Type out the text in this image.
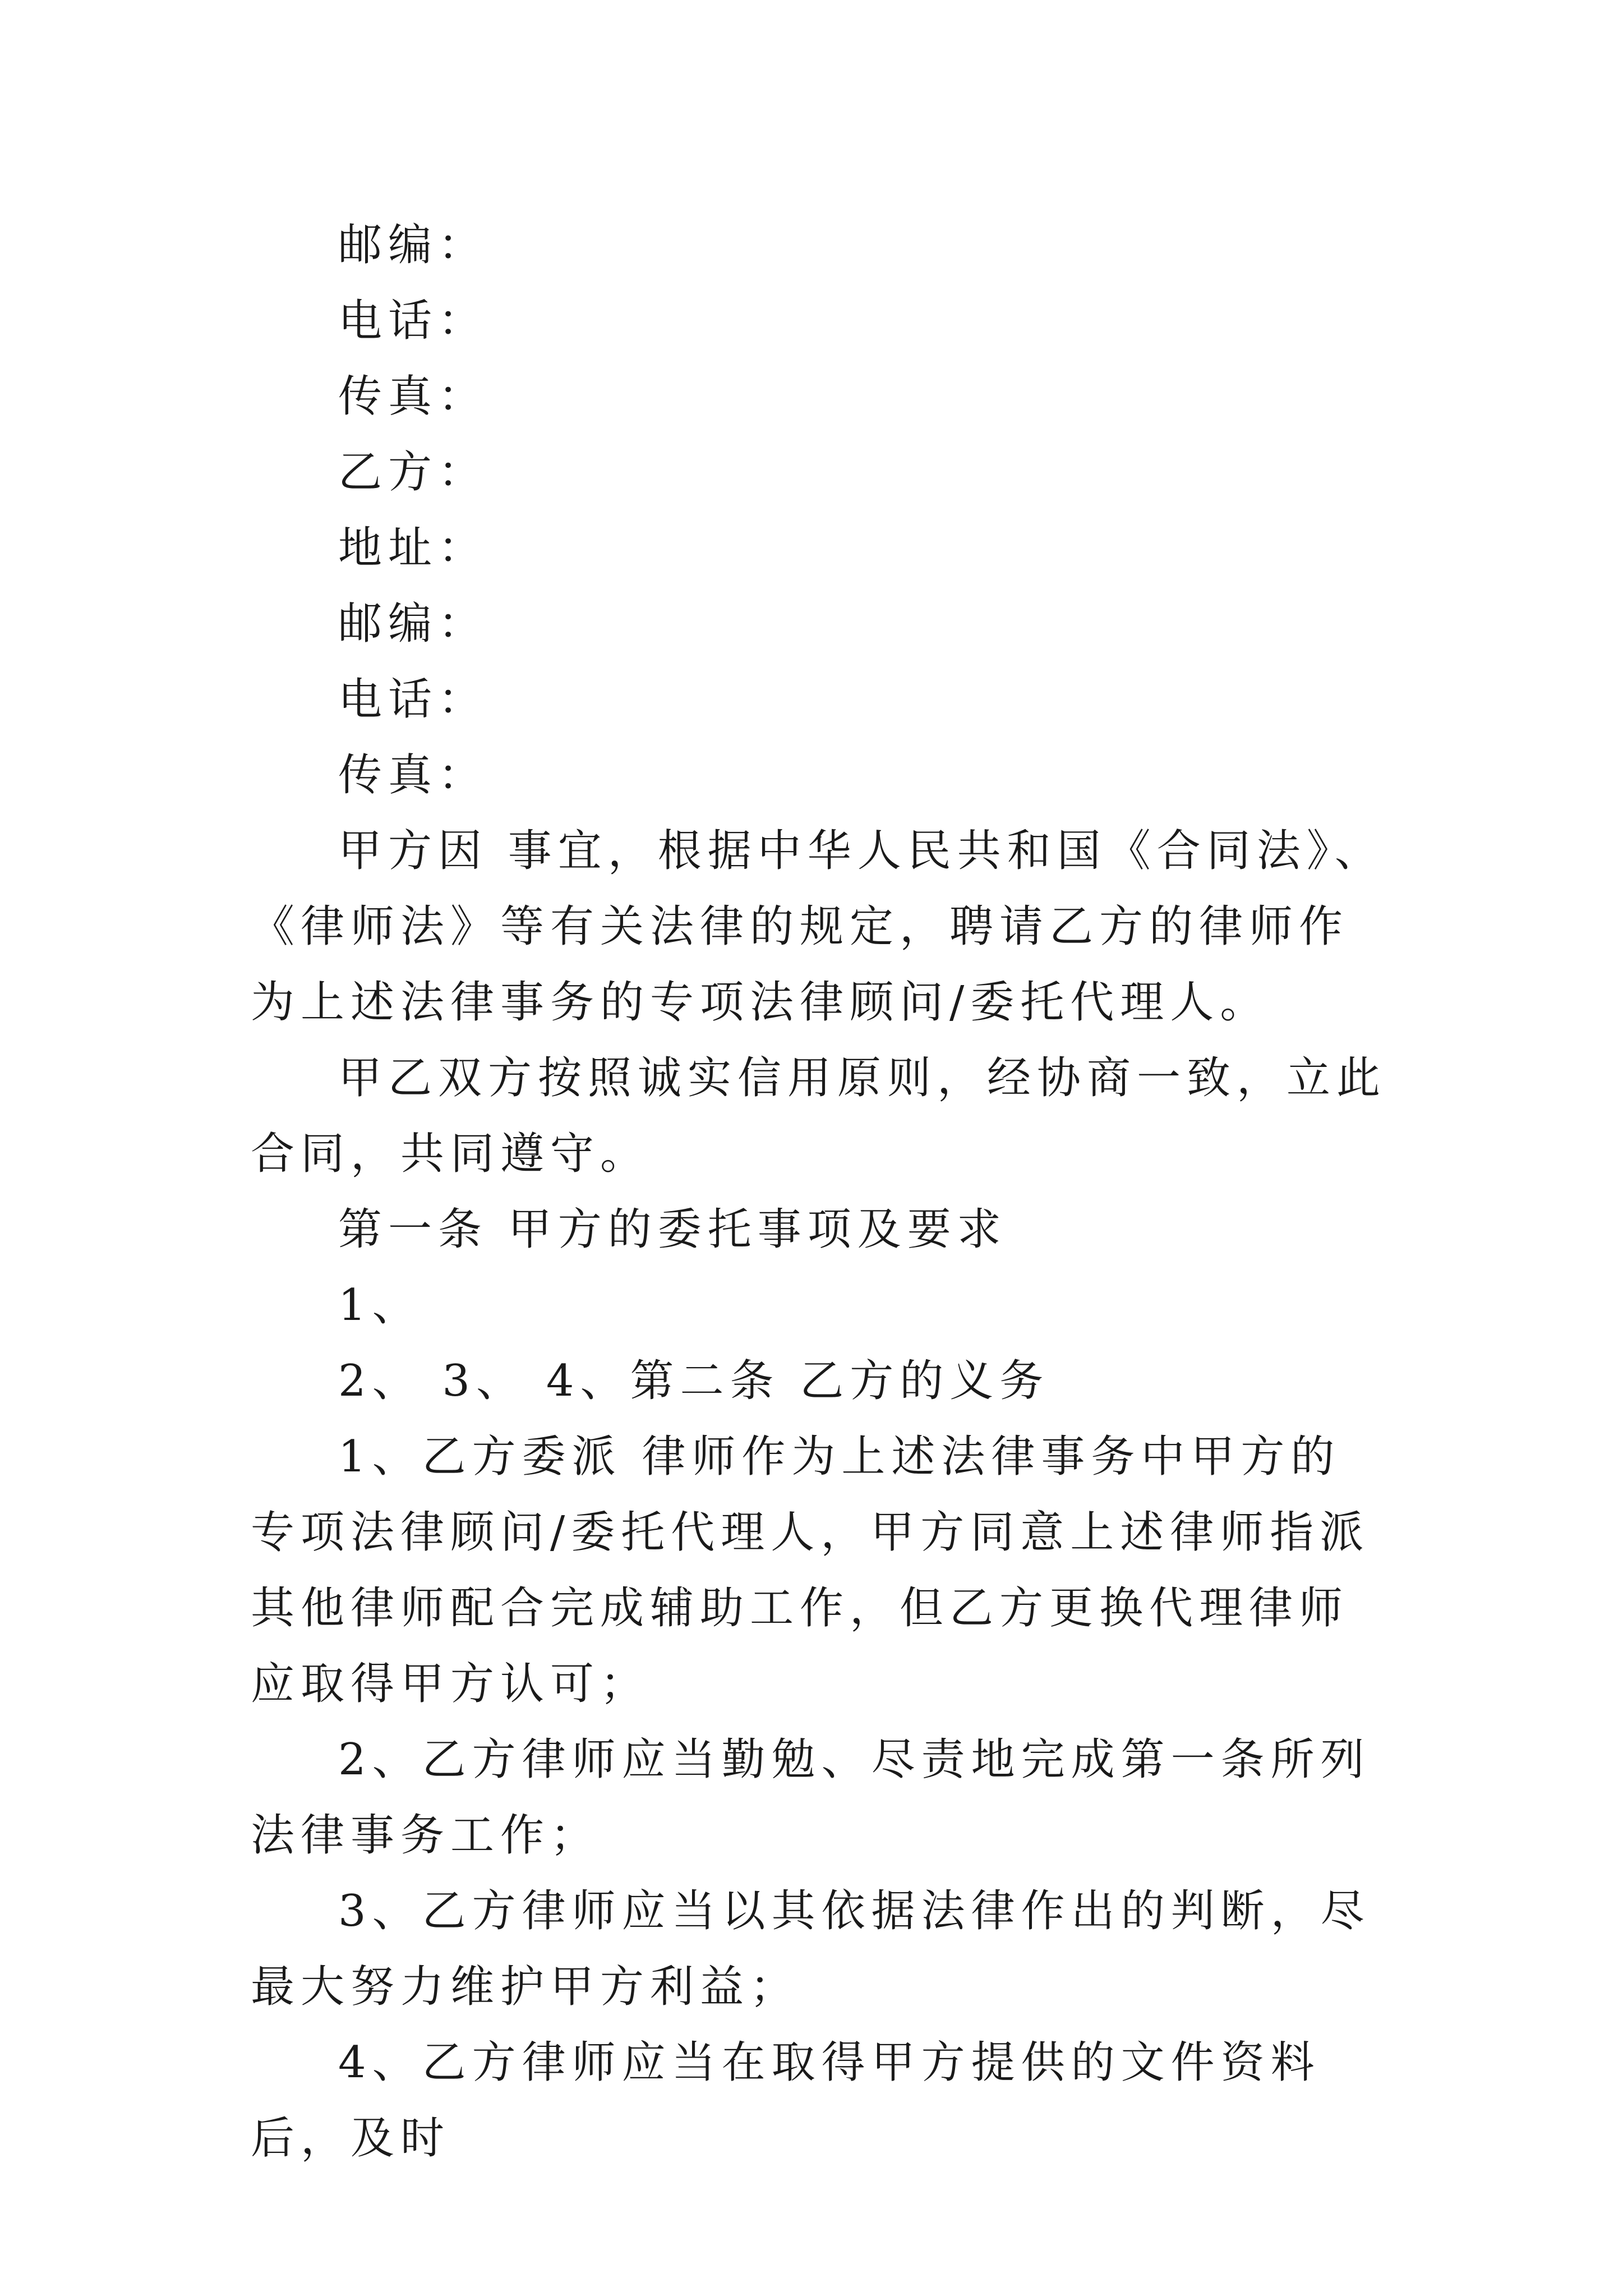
邮编：

电话：

传真：

乙方：

地址：

邮编：

电话：

传真：

甲方因 事宜，根据中华人民共和国《合同法》、《律师法》等有关法律的规定，聘请乙方的律师作为上述法律事务的专项法律顾问/委托代理人。

甲乙双方按照诚实信用原则，经协商一致，立此合同，共同遵守。

第一条 甲方的委托事项及要求

1、

2、 3、 4、第二条 乙方的义务

1、乙方委派 律师作为上述法律事务中甲方的专项法律顾问/委托代理人，甲方同意上述律师指派其他律师配合完成辅助工作，但乙方更换代理律师应取得甲方认可；

2、乙方律师应当勤勉、尽责地完成第一条所列法律事务工作；

3、乙方律师应当以其依据法律作出的判断，尽最大努力维护甲方利益；

4、乙方律师应当在取得甲方提供的文件资料后，及时
